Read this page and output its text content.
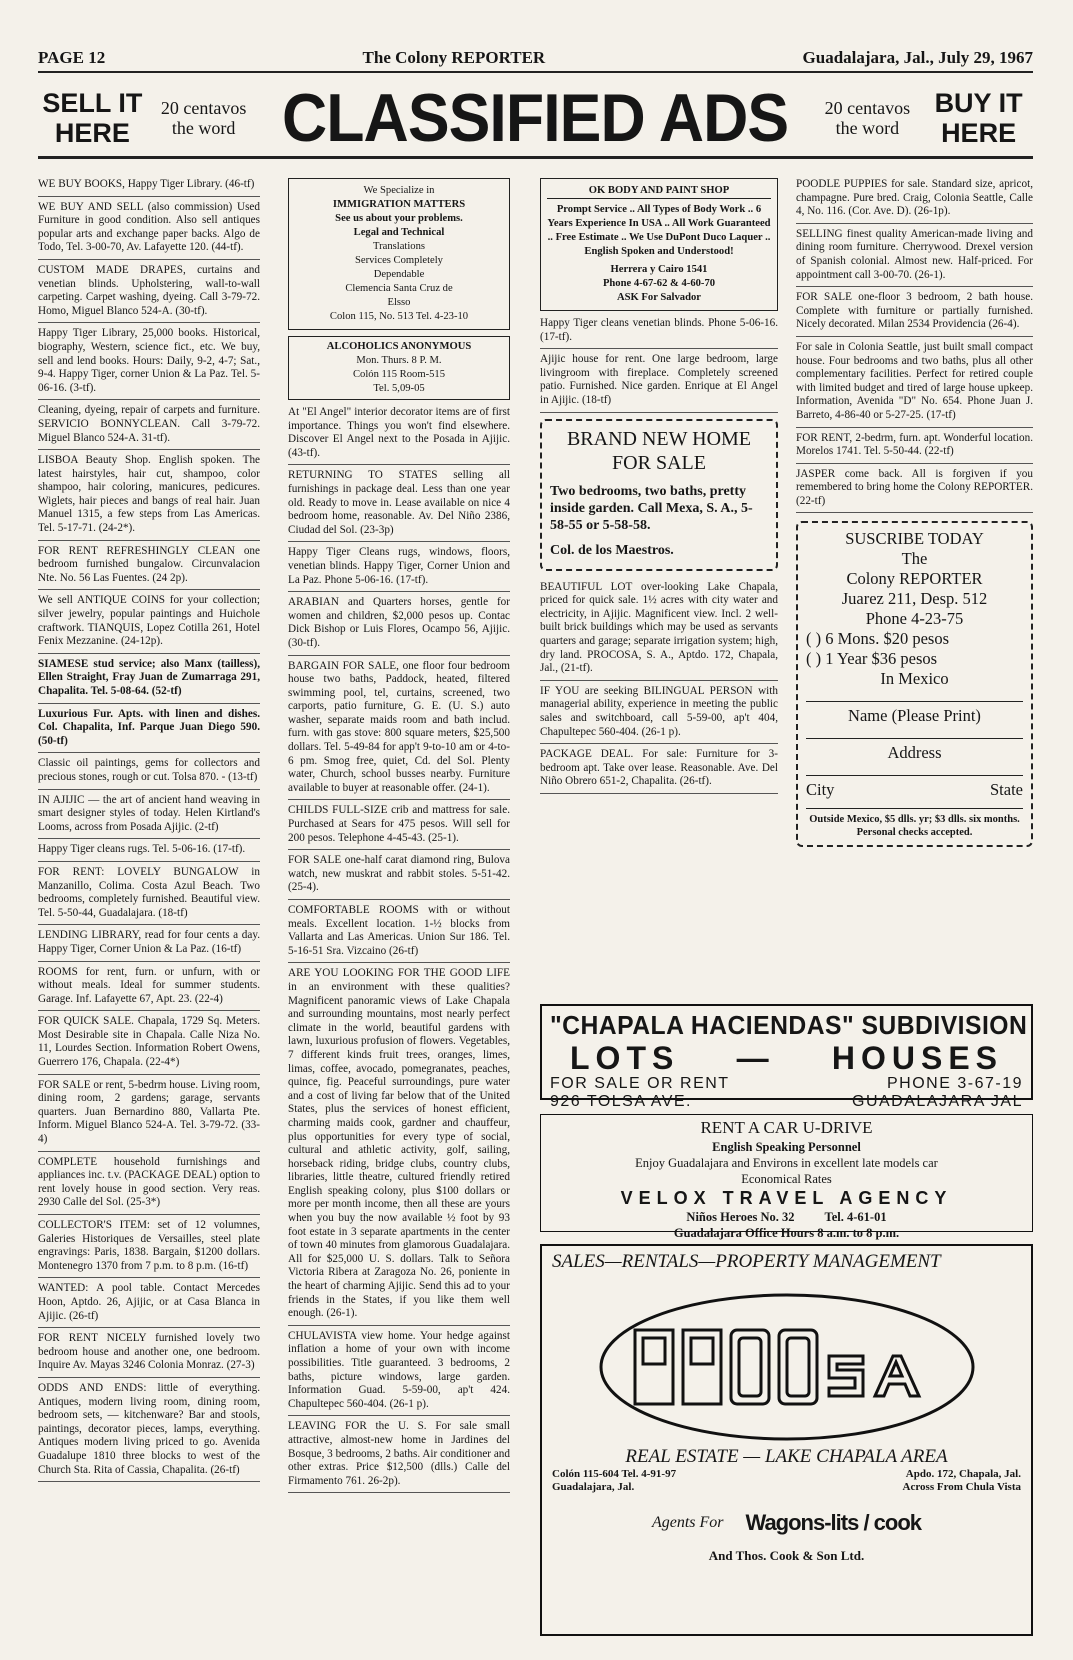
PAGE 12	The Colony REPORTER	Guadalajara, Jal., July 29, 1967
SELL IT
HERE
20 centavos
the word CLASSIFIED ADS	20 centavos
the word
BUY IT
HERE
WE BUY BOOKS, Happy Tiger Library. (46-tf)
WE BUY AND SELL (also commission) Used Furniture in good condition. Also sell antiques popular arts and exchange paper backs. Algo de Todo, Tel. 3-00-70, Av. Lafayette 120. (44-tf).
CUSTOM MADE DRAPES, curtains and venetian blinds. Upholstering, wall-to-wall carpeting. Carpet washing, dyeing. Call 3-79-72. Homo, Miguel Blanco 524-A. (30-tf).
Happy Tiger Library, 25,000 books. Historical, biography, Western, science fict., etc. We buy, sell and lend books. Hours: Daily, 9-2, 4-7; Sat., 9-4. Happy Tiger, corner Union & La Paz. Tel. 5-06-16. (3-tf).
Cleaning, dyeing, repair of carpets and furniture. SERVICIO BONNYCLEAN. Call 3-79-72. Miguel Blanco 524-A. 31-tf).
LISBOA Beauty Shop. English spoken. The latest hairstyles, hair cut, shampoo, color shampoo, hair coloring, manicures, pedicures. Wiglets, hair pieces and bangs of real hair. Juan Manuel 1315, a few steps from Las Americas. Tel. 5-17-71. (24-2*).
FOR RENT REFRESHINGLY CLEAN one bedroom furnished bungalow. Circunvalacion Nte. No. 56 Las Fuentes. (24 2p).
We sell ANTIQUE COINS for your collection; silver jewelry, popular paintings and Huichole craftwork. TIANQUIS, Lopez Cotilla 261, Hotel Fenix Mezzanine. (24-12p).
SIAMESE stud service; also Manx (tailless), Ellen Straight, Fray Juan de Zumarraga 291, Chapalita. Tel. 5-08-64. (52-tf)
Luxurious Fur. Apts. with linen and dishes. Col. Chapalita, Inf. Parque Juan Diego 590. (50-tf)
Classic oil paintings, gems for collectors and precious stones, rough or cut. Tolsa 870. - (13-tf)
IN AJIJIC — the art of ancient hand weaving in smart designer styles of today. Helen Kirtland's Looms, across from Posada Ajijic. (2-tf)
Happy Tiger cleans rugs. Tel. 5-06-16. (17-tf).
FOR RENT: LOVELY BUNGALOW in Manzanillo, Colima. Costa Azul Beach. Two bedrooms, completely furnished. Beautiful view. Tel. 5-50-44, Guadalajara. (18-tf)
LENDING LIBRARY, read for four cents a day. Happy Tiger, Corner Union & La Paz. (16-tf)
ROOMS for rent, furn. or unfurn, with or without meals. Ideal for summer students. Garage. Inf. Lafayette 67, Apt. 23. (22-4)
FOR QUICK SALE. Chapala, 1729 Sq. Meters. Most Desirable site in Chapala. Calle Niza No. 11, Lourdes Section. Information Robert Owens, Guerrero 176, Chapala. (22-4*)
FOR SALE or rent, 5-bedrm house. Living room, dining room, 2 gardens; garage, servants quarters. Juan Bernardino 880, Vallarta Pte. Inform. Miguel Blanco 524-A. Tel. 3-79-72. (33-4)
COMPLETE household furnishings and appliances inc. t.v. (PACKAGE DEAL) option to rent lovely house in good section. Very reas. 2930 Calle del Sol. (25-3*)
COLLECTOR'S ITEM: set of 12 volumnes, Galeries Historiques de Versailles, steel plate engravings: Paris, 1838. Bargain, $1200 dollars. Montenegro 1370 from 7 p.m. to 8 p.m. (16-tf)
WANTED: A pool table. Contact Mercedes Hoon, Aptdo. 26, Ajijic, or at Casa Blanca in Ajijic. (26-tf)
FOR RENT NICELY furnished lovely two bedroom house and another one, one bedroom. Inquire Av. Mayas 3246 Colonia Monraz. (27-3)
ODDS AND ENDS: little of everything. Antiques, modern living room, dining room, bedroom sets, — kitchenware? Bar and stools, paintings, decorator pieces, lamps, everything. Antiques modern living priced to go. Avenida Guadalupe 1810 three blocks to west of the Church Sta. Rita of Cassia, Chapalita. (26-tf)
We Specialize in
IMMIGRATION MATTERS
See us about your problems.
Legal and Technical
Translations
Services Completely
Dependable
Clemencia Santa Cruz de
Elsso
Colon 115, No. 513 Tel. 4-23-10
ALCOHOLICS ANONYMOUS
Mon. Thurs. 8 P. M.
Colón 115 Room-515
Tel. 5,09-05
At "El Angel" interior decorator items are of first importance. Things you won't find elsewhere. Discover El Angel next to the Posada in Ajijic. (43-tf).
RETURNING TO STATES selling all furnishings in package deal. Less than one year old. Ready to move in. Lease available on nice 4 bedroom home, reasonable. Av. Del Niño 2386, Ciudad del Sol. (23-3p)
Happy Tiger Cleans rugs, windows, floors, venetian blinds. Happy Tiger, Corner Union and La Paz. Phone 5-06-16. (17-tf).
ARABIAN and Quarters horses, gentle for women and children, $2,000 pesos up. Contac Dick Bishop or Luis Flores, Ocampo 56, Ajijic. (30-tf).
BARGAIN FOR SALE, one floor four bedroom house two baths, Paddock, heated, filtered swimming pool, tel, curtains, screened, two carports, patio furniture, G. E. (U. S.) auto washer, separate maids room and bath includ. furn. with gas stove: 800 square meters, $25,500 dollars. Tel. 5-49-84 for app't 9-to-10 am or 4-to-6 pm. Smog free, quiet, Cd. del Sol. Plenty water, Church, school busses nearby. Furniture available to buyer at reasonable offer. (24-1).
CHILDS FULL-SIZE crib and mattress for sale. Purchased at Sears for 475 pesos. Will sell for 200 pesos. Telephone 4-45-43. (25-1).
FOR SALE one-half carat diamond ring, Bulova watch, new muskrat and rabbit stoles. 5-51-42. (25-4).
COMFORTABLE ROOMS with or without meals. Excellent location. 1-½ blocks from Vallarta and Las Americas. Union Sur 186. Tel. 5-16-51 Sra. Vizcaino (26-tf)
ARE YOU LOOKING FOR THE GOOD LIFE in an environment with these qualities? Magnificent panoramic views of Lake Chapala and surrounding mountains, most nearly perfect climate in the world, beautiful gardens with lawn, luxurious profusion of flowers. Vegetables, 7 different kinds fruit trees, oranges, limes, limas, coffee, avocado, pomegranates, peaches, quince, fig. Peaceful surroundings, pure water and a cost of living far below that of the United States, plus the services of honest efficient, charming maids cook, gardner and chauffeur, plus opportunities for every type of social, cultural and athletic activity, golf, sailing, horseback riding, bridge clubs, country clubs, libraries, little theatre, cultured friendly retired English speaking colony, plus $100 dollars or more per month income, then all these are yours when you buy the now available ½ foot by 93 foot estate in 3 separate apartments in the center of town 40 minutes from glamorous Guadalajara. All for $25,000 U. S. dollars. Talk to Señora Victoria Ribera at Zaragoza No. 26, poniente in the heart of charming Ajijic. Send this ad to your friends in the States, if you like them well enough. (26-1).
CHULAVISTA view home. Your hedge against inflation a home of your own with income possibilities. Title guaranteed. 3 bedrooms, 2 baths, picture windows, large garden. Information Guad. 5-59-00, ap't 424. Chapultepec 560-404. (26-1 p).
LEAVING FOR the U. S. For sale small attractive, almost-new home in Jardines del Bosque, 3 bedrooms, 2 baths. Air conditioner and other extras. Price $12,500 (dlls.) Calle del Firmamento 761. 26-2p).
OK BODY AND PAINT SHOP
Prompt Service .. All Types of Body Work .. 6 Years Experience In USA .. All Work Guaranteed .. Free Estimate .. We Use DuPont Duco Laquer .. English Spoken and Understood!
Herrera y Cairo 1541
Phone 4-67-62 & 4-60-70
ASK For Salvador
Happy Tiger cleans venetian blinds. Phone 5-06-16. (17-tf).
Ajijic house for rent. One large bedroom, large livingroom with fireplace. Completely screened patio. Furnished. Nice garden. Enrique at El Angel in Ajijic. (18-tf)
BRAND NEW HOME
FOR SALE

Two bedrooms, two baths, pretty inside garden. Call Mexa, S. A., 5-58-55 or 5-58-58.

Col. de los Maestros.

BEAUTIFUL LOT over-looking Lake Chapala, priced for quick sale. 1½ acres with city water and electricity, in Ajijic. Magnificent view. Incl. 2 well-built brick buildings which may be used as servants quarters and garage; separate irrigation system; high, dry land. PROCOSA, S. A., Aptdo. 172, Chapala, Jal., (21-tf).
IF YOU are seeking BILINGUAL PERSON with managerial ability, experience in meeting the public sales and switchboard, call 5-59-00, ap't 404, Chapultepec 560-404. (26-1 p).
PACKAGE DEAL. For sale: Furniture for 3-bedroom apt. Take over lease. Reasonable. Ave. Del Niño Obrero 651-2, Chapalita. (26-tf).
POODLE PUPPIES for sale. Standard size, apricot, champagne. Pure bred. Craig, Colonia Seattle, Calle 4, No. 116. (Cor. Ave. D). (26-1p).
SELLING finest quality American-made living and dining room furniture. Cherrywood. Drexel version of Spanish colonial. Almost new. Half-priced. For appointment call 3-00-70. (26-1).
FOR SALE one-floor 3 bedroom, 2 bath house. Complete with furniture or partially furnished. Nicely decorated. Milan 2534 Providencia (26-4).
For sale in Colonia Seattle, just built small compact house. Four bedrooms and two baths, plus all other complementary facilities. Perfect for retired couple with limited budget and tired of large house upkeep. Information, Avenida "D" No. 654. Phone Juan J. Barreto, 4-86-40 or 5-27-25. (17-tf)
FOR RENT, 2-bedrm, furn. apt. Wonderful location. Morelos 1741. Tel. 5-50-44. (22-tf)
JASPER come back. All is forgiven if you remembered to bring home the Colony REPORTER. (22-tf)
SUSCRIBE TODAY
The
Colony REPORTER
Juarez 211, Desp. 512
Phone 4-23-75
( ) 6 Mons. $20 pesos
( ) 1 Year $36 pesos
In Mexico
Name (Please Print)
Address
City	State
Outside Mexico, $5 dlls. yr; $3 dlls. six months. Personal checks accepted.
"CHAPALA HACIENDAS" SUBDIVISION
LOTS — HOUSES
FOR SALE OR RENT	PHONE 3-67-19
926 TOLSA AVE.	GUADALAJARA JAL
RENT A CAR U-DRIVE
English Speaking Personnel
Enjoy Guadalajara and Environs in excellent late models car
Economical Rates
VELOX TRAVEL AGENCY
Niños Heroes No. 32 Tel. 4-61-01
Guadalajara Office Hours 8 a.m. to 8 p.m.
SALES—RENTALS—PROPERTY MANAGEMENT
REAL ESTATE — LAKE CHAPALA AREA
Colón 115-604 Tel. 4-91-97	Apdo. 172, Chapala, Jal.
Guadalajara, Jal.	Across From Chula Vista
Agents For Wagons-lits / cook
And Thos. Cook & Son Ltd.
